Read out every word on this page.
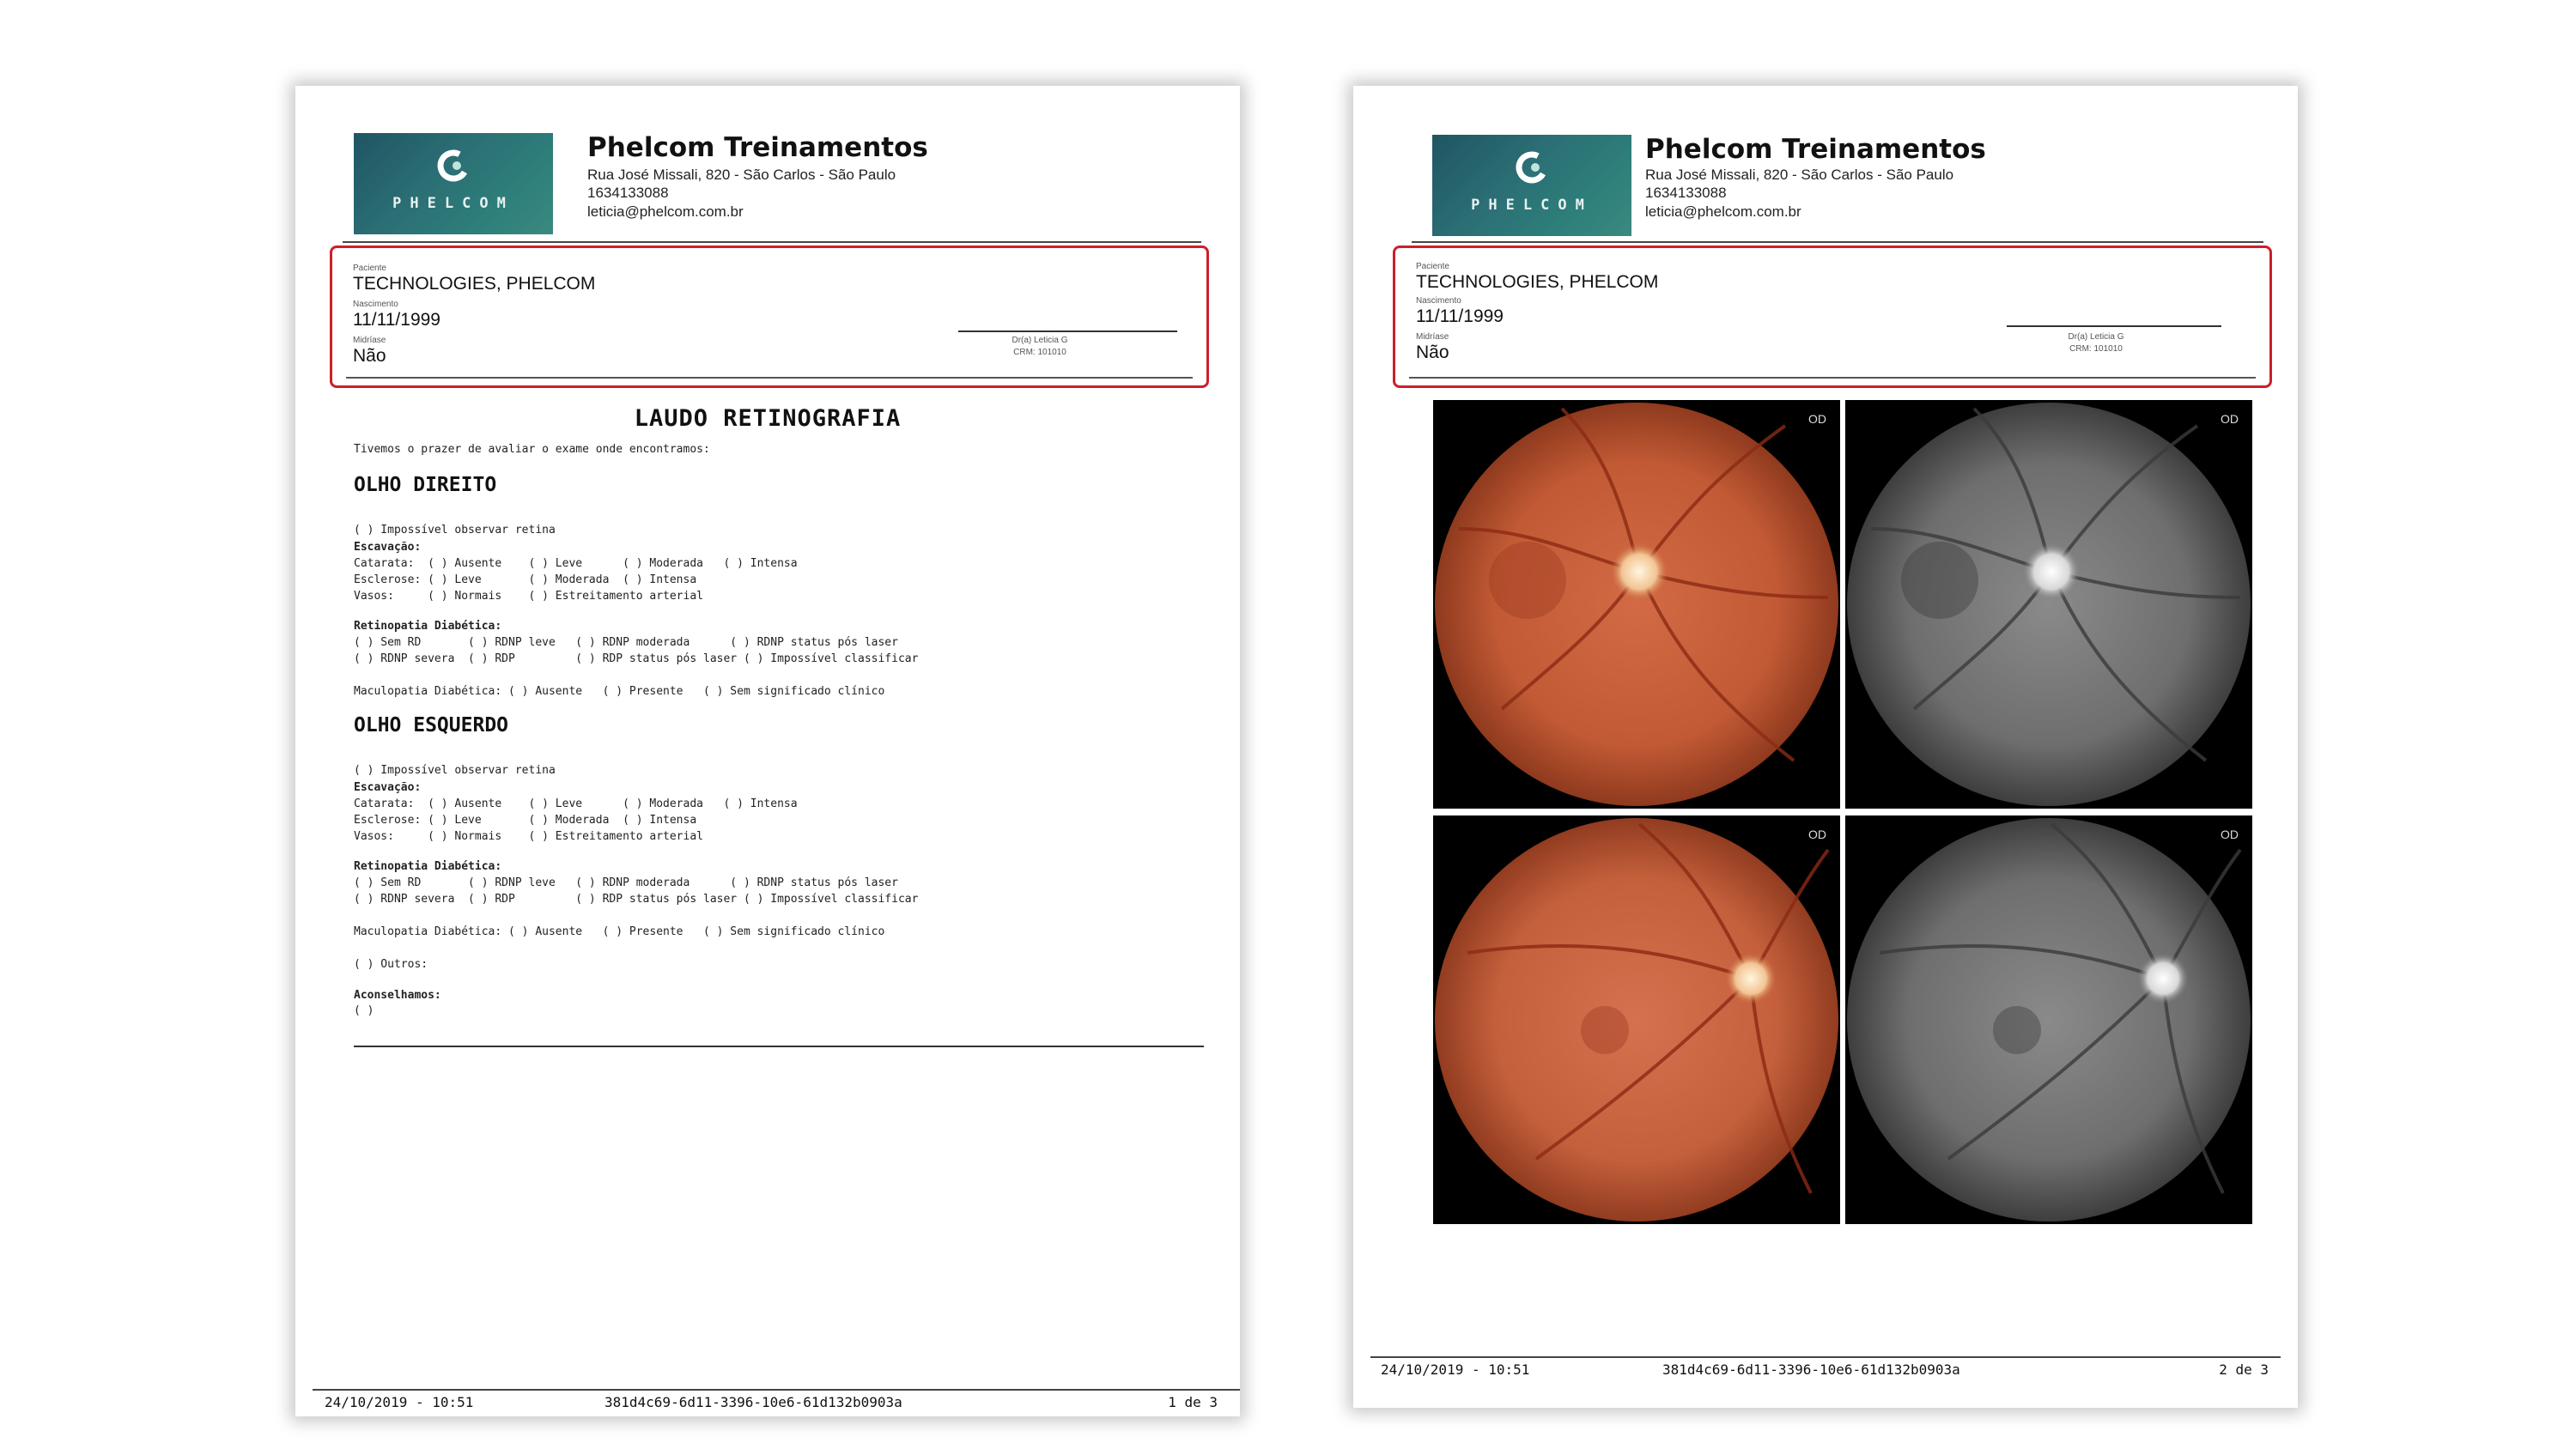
PHELCOM
Phelcom Treinamentos
Rua José Missali, 820 - São Carlos - São Paulo
1634133088
leticia@phelcom.com.br
Paciente
TECHNOLOGIES, PHELCOM
Nascimento
11/11/1999
Midríase
Não
Dr(a) Leticia G
CRM: 101010
LAUDO RETINOGRAFIA
Tivemos o prazer de avaliar o exame onde encontramos:
OLHO DIREITO
( ) Impossível observar retina
Escavação:
Catarata:  ( ) Ausente    ( ) Leve      ( ) Moderada   ( ) Intensa
Esclerose: ( ) Leve       ( ) Moderada  ( ) Intensa
Vasos:     ( ) Normais    ( ) Estreitamento arterial
Retinopatia Diabética:
( ) Sem RD       ( ) RDNP leve   ( ) RDNP moderada      ( ) RDNP status pós laser
( ) RDNP severa  ( ) RDP         ( ) RDP status pós laser ( ) Impossível classificar
Maculopatia Diabética: ( ) Ausente   ( ) Presente   ( ) Sem significado clínico
OLHO ESQUERDO
( ) Impossível observar retina
Escavação:
Catarata:  ( ) Ausente    ( ) Leve      ( ) Moderada   ( ) Intensa
Esclerose: ( ) Leve       ( ) Moderada  ( ) Intensa
Vasos:     ( ) Normais    ( ) Estreitamento arterial
Retinopatia Diabética:
( ) Sem RD       ( ) RDNP leve   ( ) RDNP moderada      ( ) RDNP status pós laser
( ) RDNP severa  ( ) RDP         ( ) RDP status pós laser ( ) Impossível classificar
Maculopatia Diabética: ( ) Ausente   ( ) Presente   ( ) Sem significado clínico
( ) Outros:
Aconselhamos:
( )
24/10/2019 - 10:51	381d4c69-6d11-3396-10e6-61d132b0903a	1 de 3
PHELCOM
Phelcom Treinamentos
Rua José Missali, 820 - São Carlos - São Paulo
1634133088
leticia@phelcom.com.br
Paciente
TECHNOLOGIES, PHELCOM
Nascimento
11/11/1999
Midríase
Não
Dr(a) Leticia G
CRM: 101010
OD	OD
OD	OD
24/10/2019 - 10:51	381d4c69-6d11-3396-10e6-61d132b0903a	2 de 3
